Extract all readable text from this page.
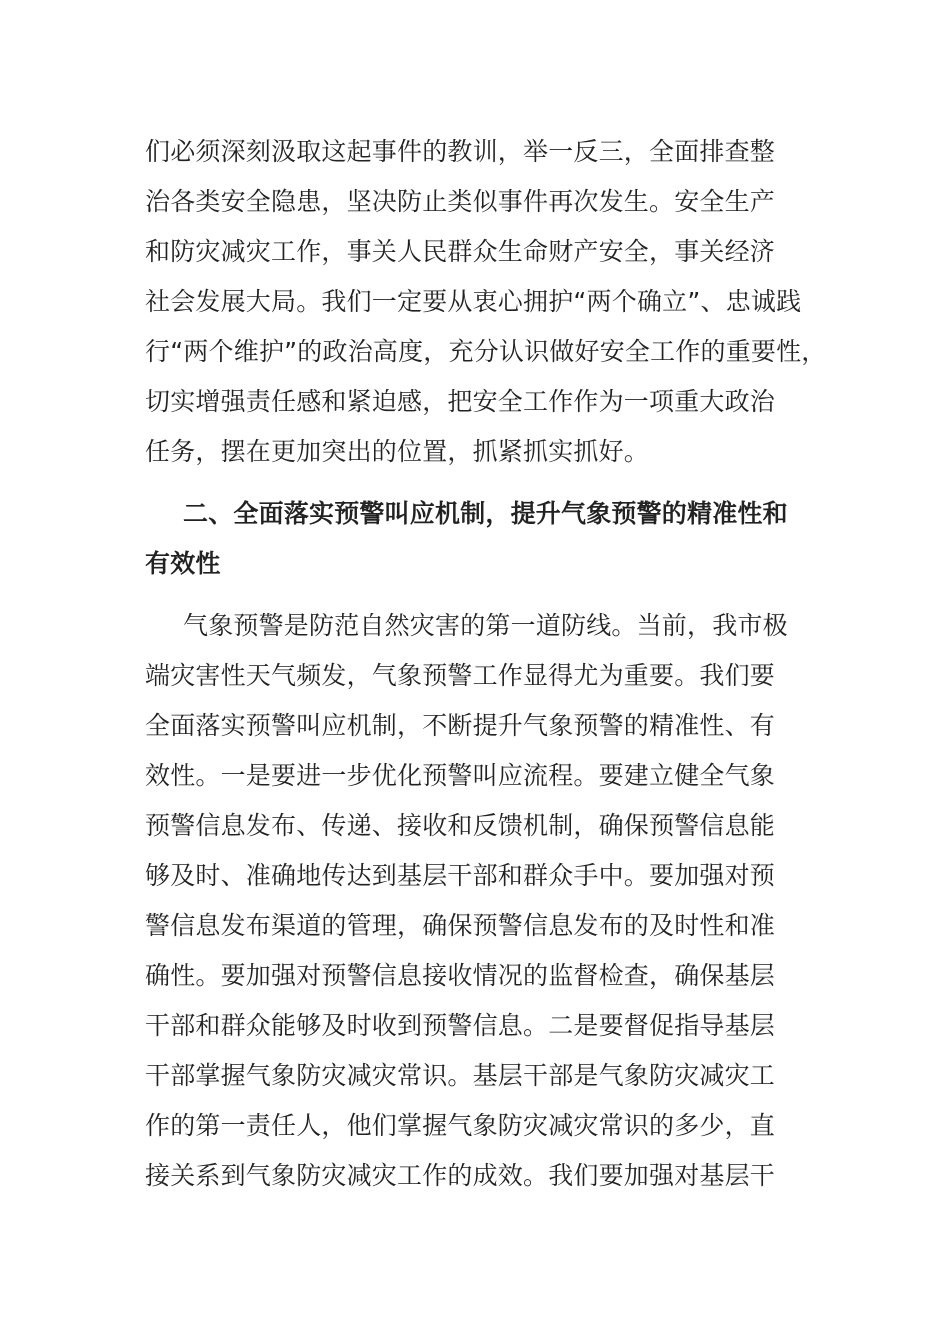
们必须深刻汲取这起事件的教训，举一反三，全面排查整
治各类安全隐患，坚决防止类似事件再次发生。安全生产
和防灾减灾工作，事关人民群众生命财产安全，事关经济
社会发展大局。我们一定要从衷心拥护“两个确立”、忠诚践
行“两个维护”的政治高度，充分认识做好安全工作的重要性，
切实增强责任感和紧迫感，把安全工作作为一项重大政治
任务，摆在更加突出的位置，抓紧抓实抓好。
二、全面落实预警叫应机制，提升气象预警的精准性和
有效性
气象预警是防范自然灾害的第一道防线。当前，我市极
端灾害性天气频发，气象预警工作显得尤为重要。我们要
全面落实预警叫应机制，不断提升气象预警的精准性、有
效性。一是要进一步优化预警叫应流程。要建立健全气象
预警信息发布、传递、接收和反馈机制，确保预警信息能
够及时、准确地传达到基层干部和群众手中。要加强对预
警信息发布渠道的管理，确保预警信息发布的及时性和准
确性。要加强对预警信息接收情况的监督检查，确保基层
干部和群众能够及时收到预警信息。二是要督促指导基层
干部掌握气象防灾减灾常识。基层干部是气象防灾减灾工
作的第一责任人，他们掌握气象防灾减灾常识的多少，直
接关系到气象防灾减灾工作的成效。我们要加强对基层干
